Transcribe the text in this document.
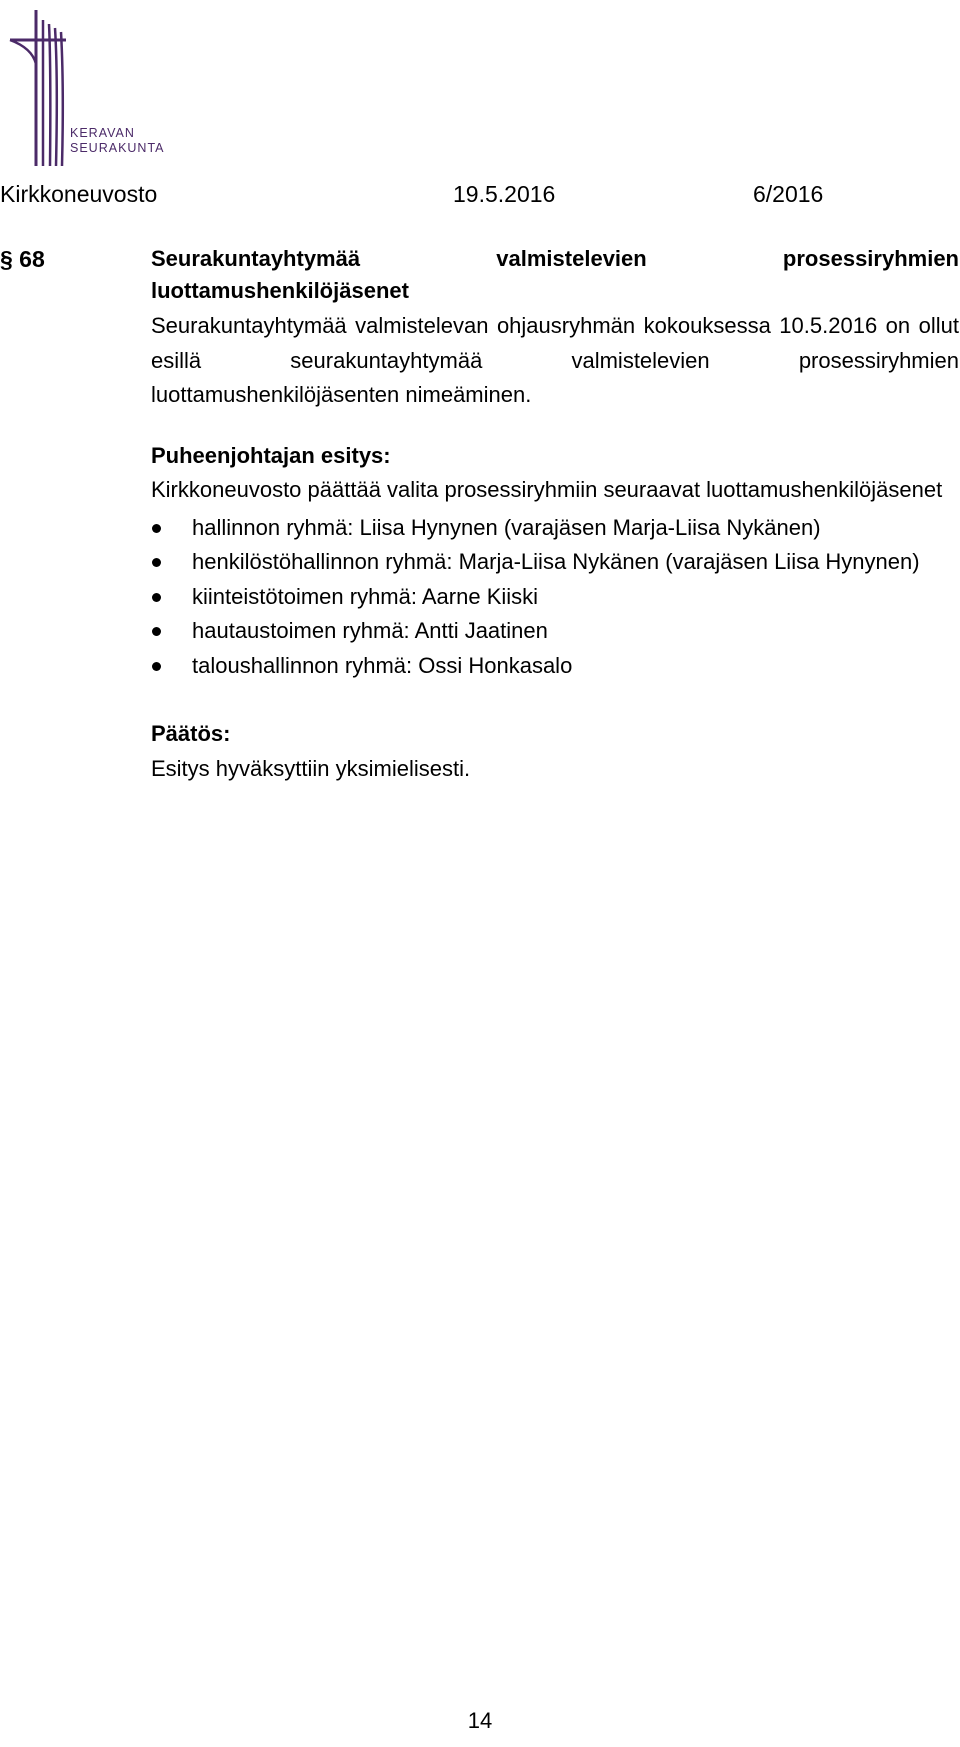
KERAVAN
SEURAKUNTA
Kirkkoneuvosto	19.5.2016	6/2016
§ 68	Seurakuntayhtymää valmistelevien prosessiryhmien luottamushenkilöjäsenet
Seurakuntayhtymää valmistelevan ohjausryhmän kokouksessa 10.5.2016 on ollut esillä seurakuntayhtymää valmistelevien prosessiryhmien luottamushenkilöjäsenten nimeäminen.
Puheenjohtajan esitys:
Kirkkoneuvosto päättää valita prosessiryhmiin seuraavat luottamushenkilöjäsenet
hallinnon ryhmä: Liisa Hynynen (varajäsen Marja-Liisa Nykänen)
henkilöstöhallinnon ryhmä: Marja-Liisa Nykänen (varajäsen Liisa Hynynen)
kiinteistötoimen ryhmä: Aarne Kiiski
hautaustoimen ryhmä: Antti Jaatinen
taloushallinnon ryhmä: Ossi Honkasalo
Päätös:
Esitys hyväksyttiin yksimielisesti.
14
